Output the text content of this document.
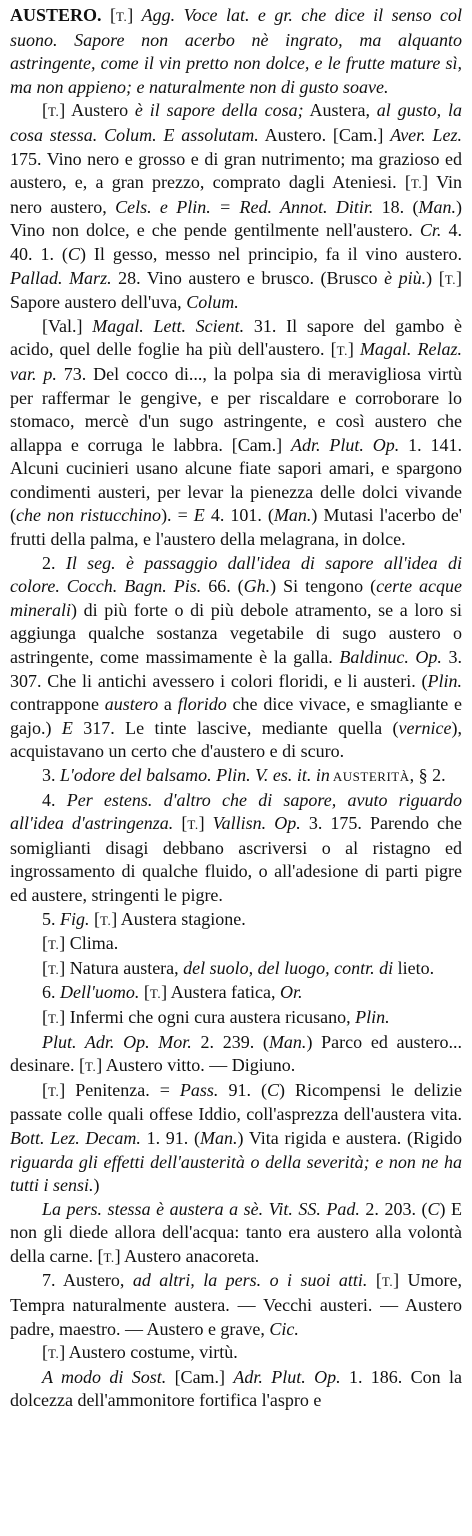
AUSTERO. [T.] Agg. Voce lat. e gr. che dice il senso col suono. Sapore non acerbo nè ingrato, ma alquanto astringente, come il vin pretto non dolce, e le frutte mature sì, ma non appieno; e naturalmente non di gusto soave.

[T.] Austero è il sapore della cosa; Austera, al gusto, la cosa stessa. Colum. E assolutam. Austero. [Cam.] Aver. Lez. 175. Vino nero e grosso e di gran nutrimento; ma grazioso ed austero, e, a gran prezzo, comprato dagli Ateniesi. [T.] Vin nero austero, Cels. e Plin. = Red. Annot. Ditir. 18. (Man.) Vino non dolce, e che pende gentilmente nell'austero. Cr. 4. 40. 1. (C) Il gesso, messo nel principio, fa il vino austero. Pallad. Marz. 28. Vino austero e brusco. (Brusco è più.) [T.] Sapore austero dell'uva, Colum.

[Val.] Magal. Lett. Scient. 31. Il sapore del gambo è acido, quel delle foglie ha più dell'austero. [T.] Magal. Relaz. var. p. 73. Del cocco di..., la polpa sia di meravigliosa virtù per raffermar le gengive, e per riscaldare e corroborare lo stomaco, mercè d'un sugo astringente, e così austero che allappa e corruga le labbra. [Cam.] Adr. Plut. Op. 1. 141. Alcuni cucinieri usano alcune fiate sapori amari, e spargono condimenti austeri, per levar la pienezza delle dolci vivande (che non ristucchino). = E 4. 101. (Man.) Mutasi l'acerbo de' frutti della palma, e l'austero della melagrana, in dolce.

2. Il seg. è passaggio dall'idea di sapore all'idea di colore. Cocch. Bagn. Pis. 66. (Gh.) Si tengono (certe acque minerali) di più forte o di più debole atramento, se a loro si aggiunga qualche sostanza vegetabile di sugo austero o astringente, come massimamente è la galla. Baldinuc. Op. 3. 307. Che li antichi avessero i colori floridi, e li austeri. (Plin. contrappone austero a florido che dice vivace, e smagliante e gajo.) E 317. Le tinte lascive, mediante quella (vernice), acquistavano un certo che d'austero e di scuro.

3. L'odore del balsamo. Plin. V. es. it. in AUSTERITÀ, § 2.

4. Per estens. d'altro che di sapore, avuto riguardo all'idea d'astringenza. [T.] Vallisn. Op. 3. 175. Parendo che somiglianti disagi debbano ascriversi o al ristagno ed ingrossamento di qualche fluido, o all'adesione di parti pigre ed austere, stringenti le pigre.

5. Fig. [T.] Austera stagione.

[T.] Clima.

[T.] Natura austera, del suolo, del luogo, contr. di lieto.

6. Dell'uomo. [T.] Austera fatica, Or.

[T.] Infermi che ogni cura austera ricusano, Plin.

Plut. Adr. Op. Mor. 2. 239. (Man.) Parco ed austero... desinare. [T.] Austero vitto. — Digiuno.

[T.] Penitenza. = Pass. 91. (C) Ricompensi le delizie passate colle quali offese Iddio, coll'asprezza dell'austera vita. Bott. Lez. Decam. 1. 91. (Man.) Vita rigida e austera. (Rigido riguarda gli effetti dell'austerità o della severità; e non ne ha tutti i sensi.)

La pers. stessa è austera a sè. Vit. SS. Pad. 2. 203. (C) E non gli diede allora dell'acqua: tanto era austero alla volontà della carne. [T.] Austero anacoreta.

7. Austero, ad altri, la pers. o i suoi atti. [T.] Umore, Tempra naturalmente austera. — Vecchi austeri. — Austero padre, maestro. — Austero e grave, Cic.

[T.] Austero costume, virtù.

A modo di Sost. [Cam.] Adr. Plut. Op. 1. 186. Con la dolcezza dell'ammonitore fortifica l'aspro e
